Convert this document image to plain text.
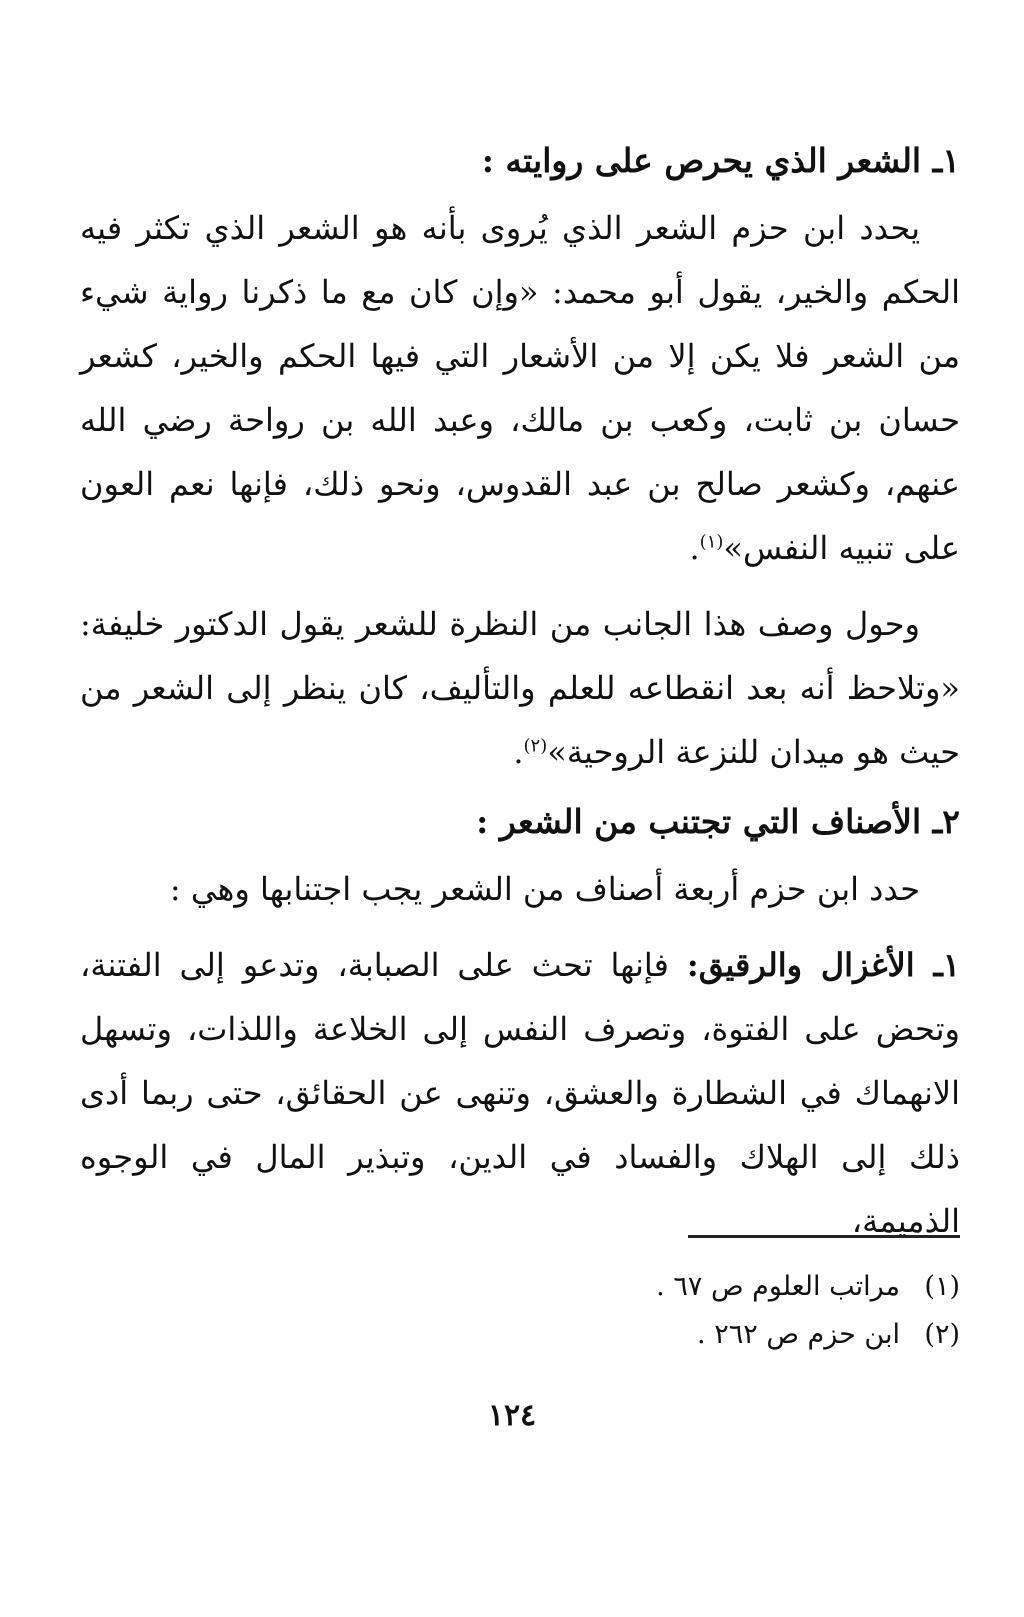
١ـ الشعر الذي يحرص على روايته :

يحدد ابن حزم الشعر الذي يُروى بأنه هو الشعر الذي تكثر فيه الحكم والخير، يقول أبو محمد: «وإن كان مع ما ذكرنا رواية شيء من الشعر فلا يكن إلا من الأشعار التي فيها الحكم والخير، كشعر حسان بن ثابت، وكعب بن مالك، وعبد الله بن رواحة رضي الله عنهم، وكشعر صالح بن عبد القدوس، ونحو ذلك، فإنها نعم العون على تنبيه النفس»$^{(١)}$.

وحول وصف هذا الجانب من النظرة للشعر يقول الدكتور خليفة: «وتلاحظ أنه بعد انقطاعه للعلم والتأليف، كان ينظر إلى الشعر من حيث هو ميدان للنزعة الروحية»$^{(٢)}$.

٢ـ الأصناف التي تجتنب من الشعر :

حدد ابن حزم أربعة أصناف من الشعر يجب اجتنابها وهي :

١ـ الأغزال والرقيق: فإنها تحث على الصبابة، وتدعو إلى الفتنة، وتحض على الفتوة، وتصرف النفس إلى الخلاعة واللذات، وتسهل الانهماك في الشطارة والعشق، وتنهى عن الحقائق، حتى ربما أدى ذلك إلى الهلاك والفساد في الدين، وتبذير المال في الوجوه الذميمة،

(١)
مراتب العلوم ص ٦٧ .
(٢)
ابن حزم ص ٢٦٢ .
١٢٤
